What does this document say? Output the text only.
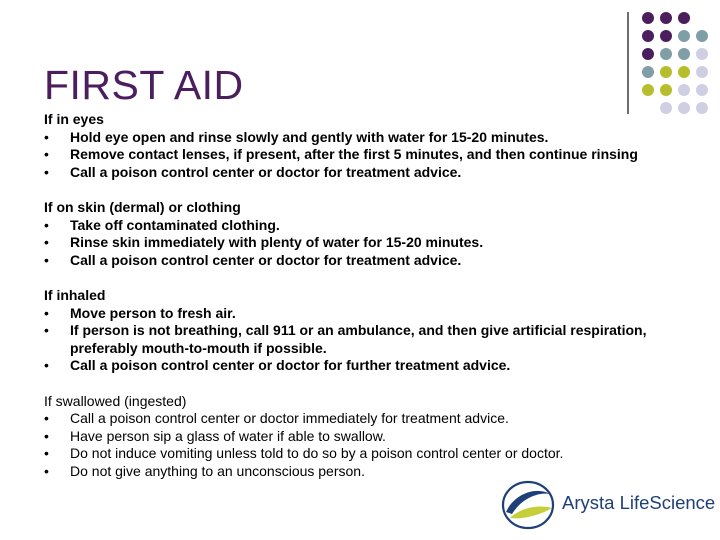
FIRST AID
If in eyes
• Hold eye open and rinse slowly and gently with water for 15-20 minutes.
• Remove contact lenses, if present, after the first 5 minutes, and then continue rinsing
• Call a poison control center or doctor for treatment advice.
If on skin (dermal) or clothing
• Take off contaminated clothing.
• Rinse skin immediately with plenty of water for 15-20 minutes.
• Call a poison control center or doctor for treatment advice.
If inhaled
• Move person to fresh air.
• If person is not breathing, call 911 or an ambulance, and then give artificial respiration, preferably mouth-to-mouth if possible.
• Call a poison control center or doctor for further treatment advice.
If swallowed (ingested)
• Call a poison control center or doctor immediately for treatment advice.
• Have person sip a glass of water if able to swallow.
• Do not induce vomiting unless told to do so by a poison control center or doctor.
• Do not give anything to an unconscious person.
Arysta LifeScience
